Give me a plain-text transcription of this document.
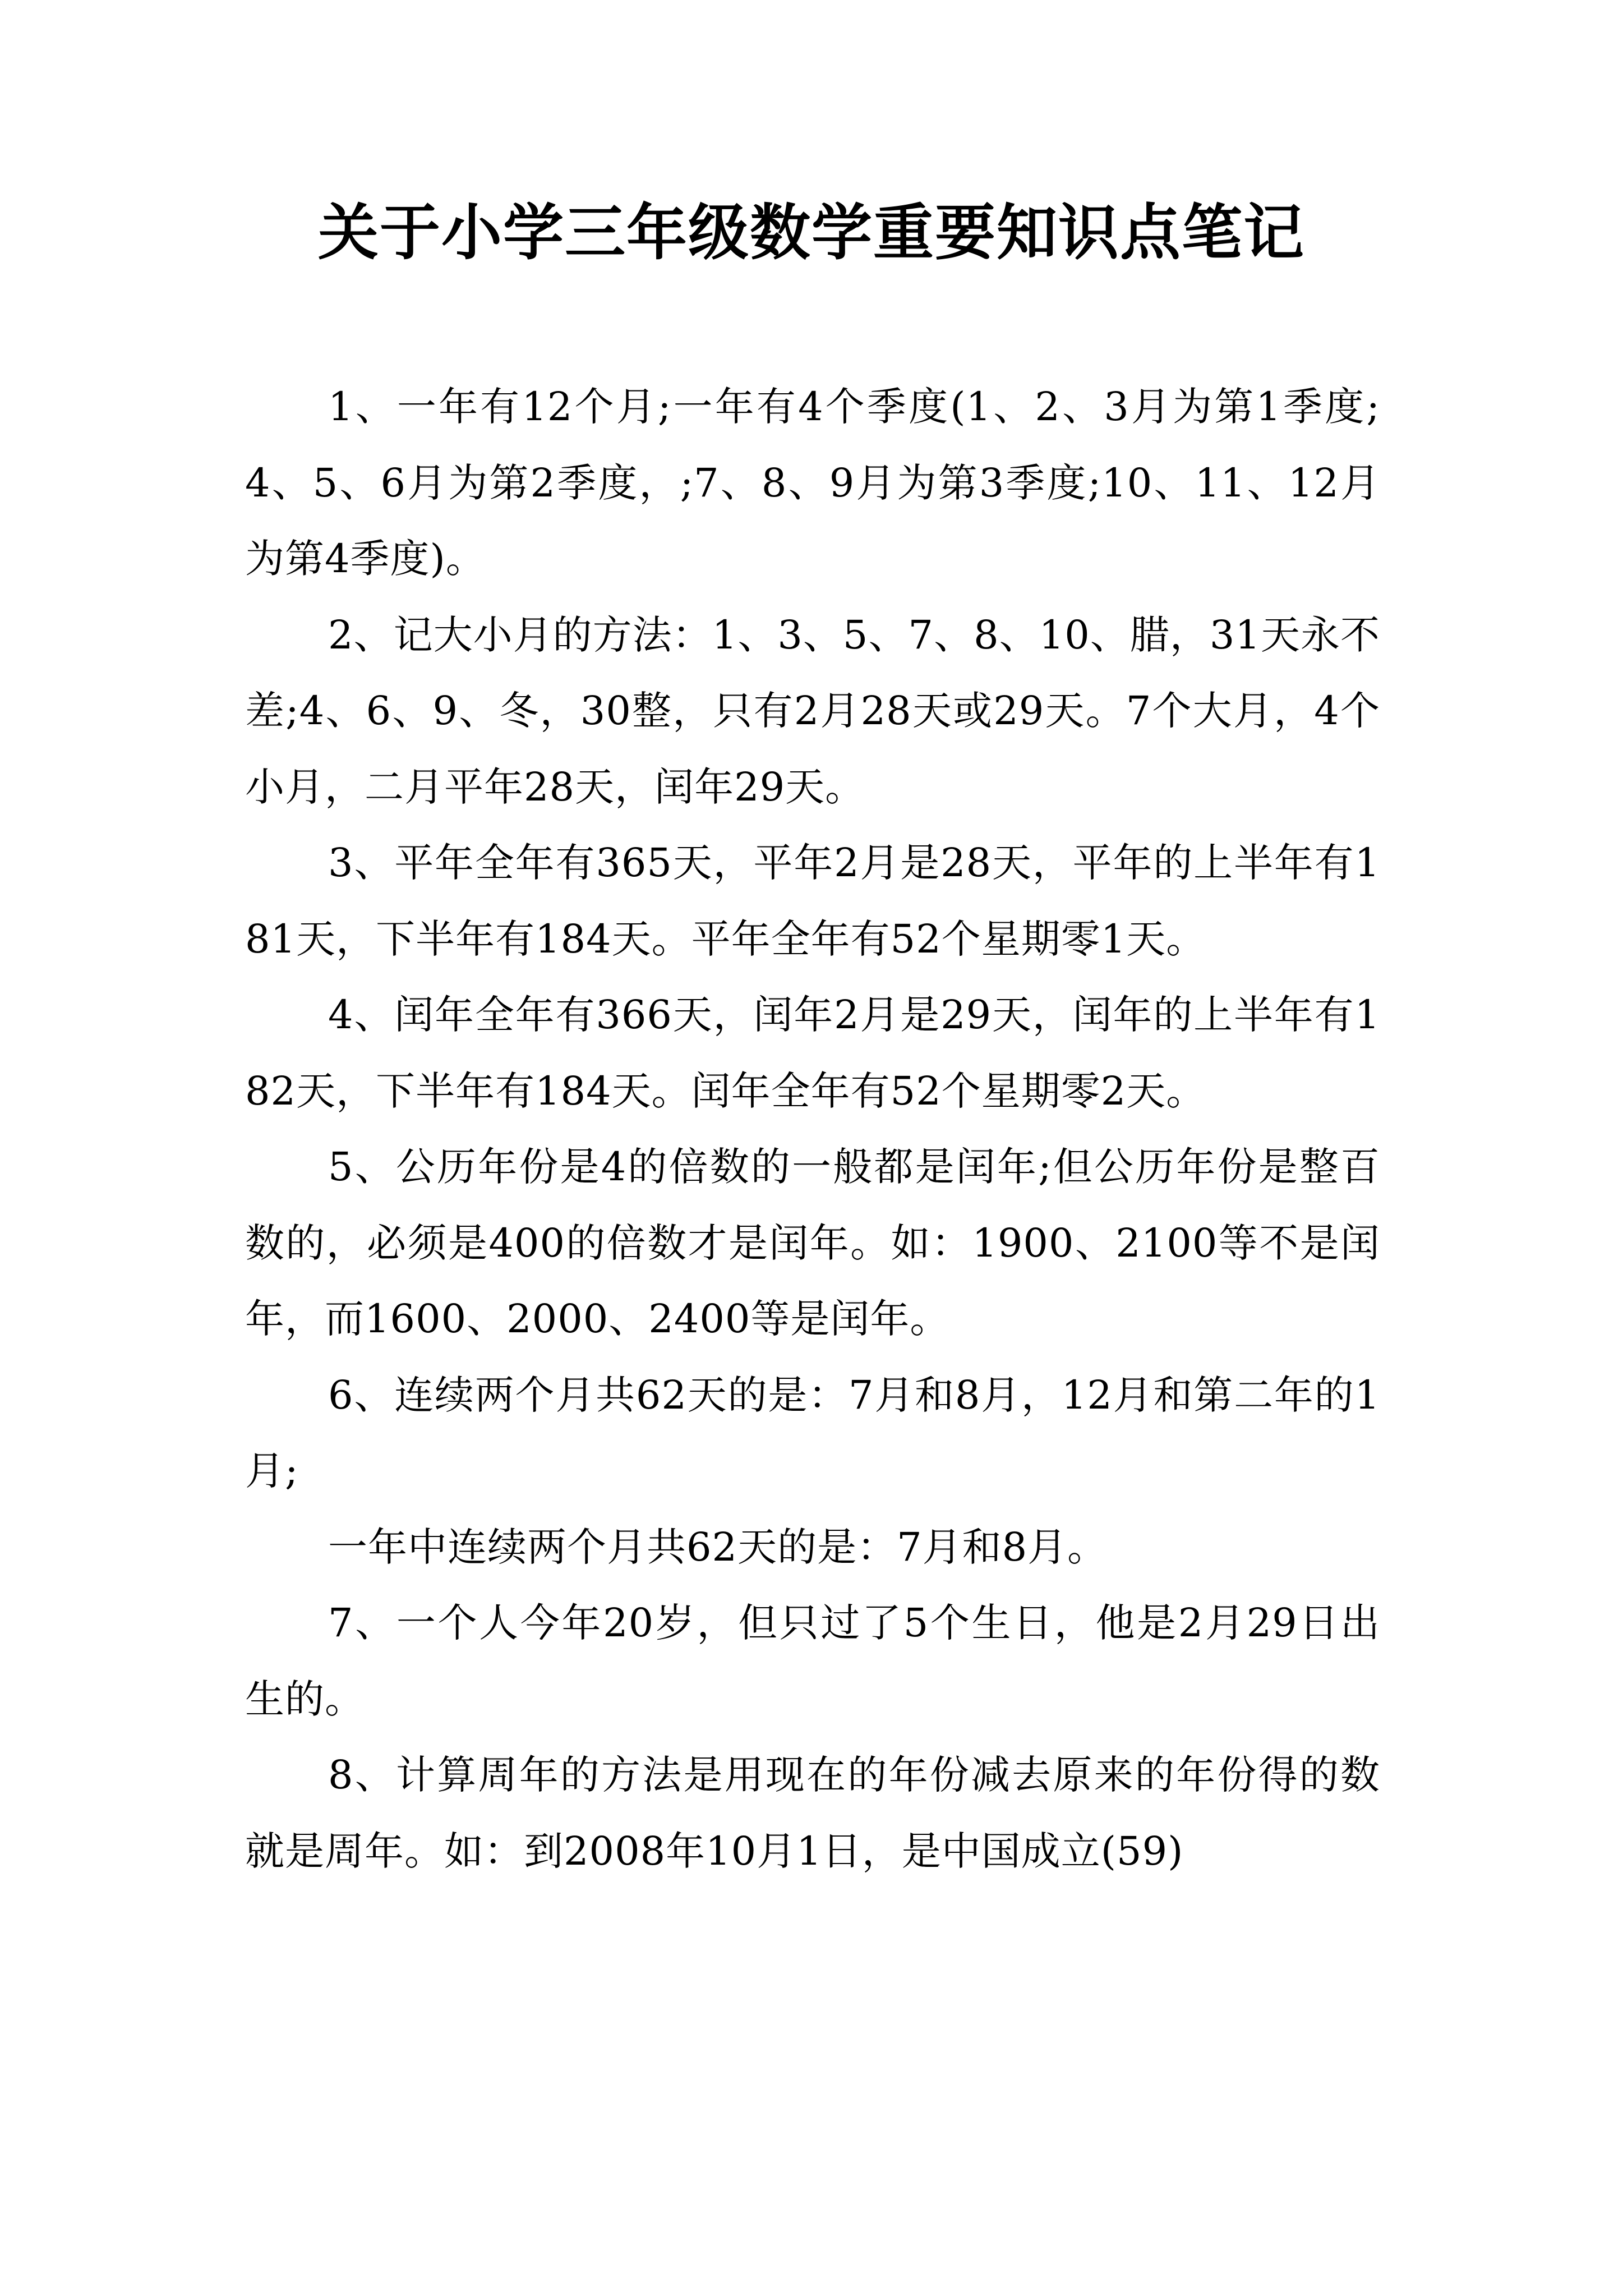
关于小学三年级数学重要知识点笔记

1、一年有12个月;一年有4个季度(1、2、3月为第1季度;4、5、6月为第2季度，;7、8、9月为第3季度;10、11、12月为第4季度)。

2、记大小月的方法：1、3、5、7、8、10、腊，31天永不差;4、6、9、冬，30整，只有2月28天或29天。7个大月，4个小月，二月平年28天，闰年29天。

3、平年全年有365天，平年2月是28天，平年的上半年有181天，下半年有184天。平年全年有52个星期零1天。

4、闰年全年有366天，闰年2月是29天，闰年的上半年有182天，下半年有184天。闰年全年有52个星期零2天。

5、公历年份是4的倍数的一般都是闰年;但公历年份是整百数的，必须是400的倍数才是闰年。如：1900、2100等不是闰年，而1600、2000、2400等是闰年。

6、连续两个月共62天的是：7月和8月，12月和第二年的1月;

一年中连续两个月共62天的是：7月和8月。

7、一个人今年20岁，但只过了5个生日，他是2月29日出生的。

8、计算周年的方法是用现在的年份减去原来的年份得的数就是周年。如：到2008年10月1日，是中国成立(59)
